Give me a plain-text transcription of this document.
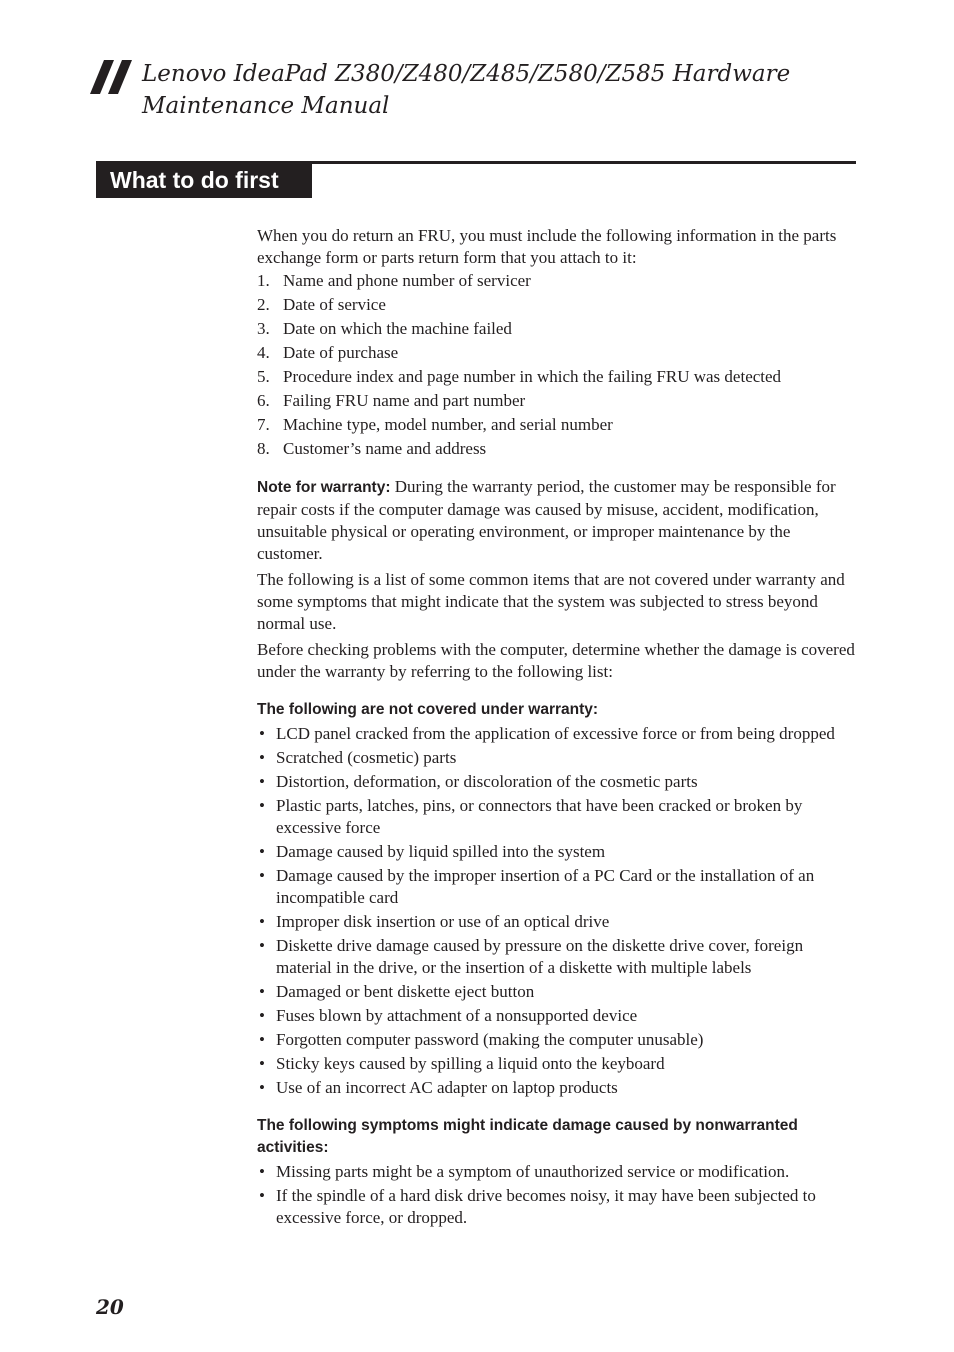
Lenovo IdeaPad Z380/Z480/Z485/Z580/Z585 Hardware
Maintenance Manual
What to do first

When you do return an FRU, you must include the following information in the parts exchange form or parts return form that you attach to it:

1. Name and phone number of servicer
2. Date of service
3. Date on which the machine failed
4. Date of purchase
5. Procedure index and page number in which the failing FRU was detected
6. Failing FRU name and part number
7. Machine type, model number, and serial number
8. Customer’s name and address

Note for warranty: During the warranty period, the customer may be responsible for repair costs if the computer damage was caused by misuse, accident, modification, unsuitable physical or operating environment, or improper maintenance by the customer.

The following is a list of some common items that are not covered under warranty and some symptoms that might indicate that the system was subjected to stress beyond normal use.

Before checking problems with the computer, determine whether the damage is covered under the warranty by referring to the following list:

The following are not covered under warranty:
• LCD panel cracked from the application of excessive force or from being dropped
• Scratched (cosmetic) parts
• Distortion, deformation, or discoloration of the cosmetic parts
• Plastic parts, latches, pins, or connectors that have been cracked or broken by excessive force
• Damage caused by liquid spilled into the system
• Damage caused by the improper insertion of a PC Card or the installation of an incompatible card
• Improper disk insertion or use of an optical drive
• Diskette drive damage caused by pressure on the diskette drive cover, foreign material in the drive, or the insertion of a diskette with multiple labels
• Damaged or bent diskette eject button
• Fuses blown by attachment of a nonsupported device
• Forgotten computer password (making the computer unusable)
• Sticky keys caused by spilling a liquid onto the keyboard
• Use of an incorrect AC adapter on laptop products
The following symptoms might indicate damage caused by nonwarranted activities:
• Missing parts might be a symptom of unauthorized service or modification.
• If the spindle of a hard disk drive becomes noisy, it may have been subjected to excessive force, or dropped.

20
